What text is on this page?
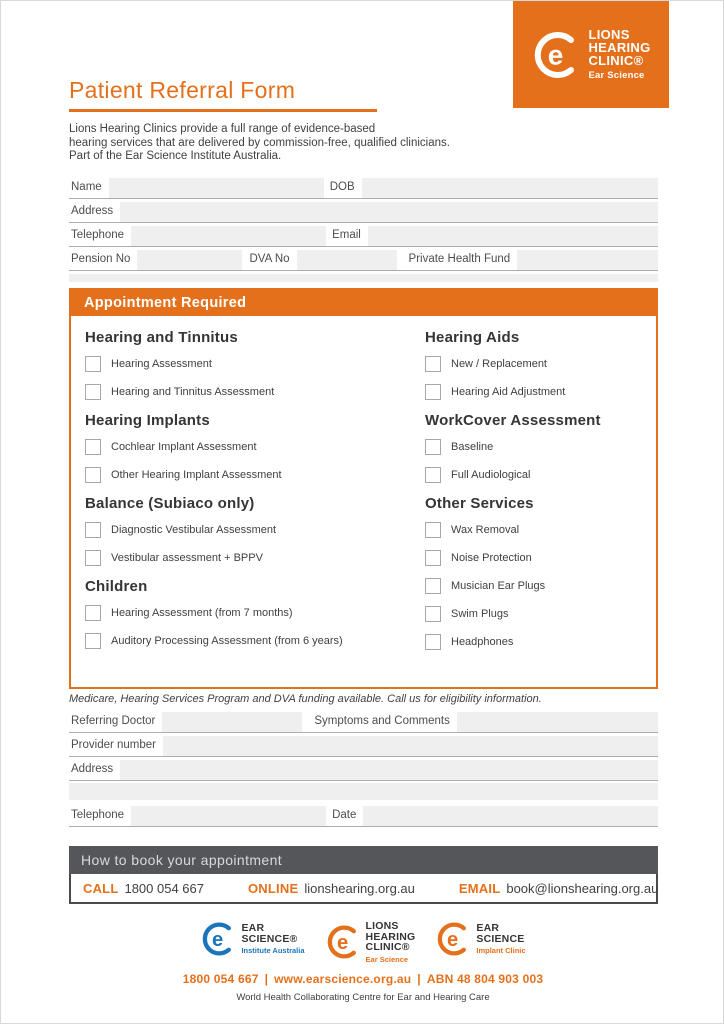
e
LIONS
HEARING
CLINIC®
Ear Science
Patient Referral Form
Lions Hearing Clinics provide a full range of evidence-based
hearing services that are delivered by commission-free, qualified clinicians.
Part of the Ear Science Institute Australia.
Name	DOB
Address
Telephone	Email
Pension No	DVA No	Private Health Fund
Appointment Required
Hearing and Tinnitus
Hearing Assessment
Hearing and Tinnitus Assessment
Hearing Implants
Cochlear Implant Assessment
Other Hearing Implant Assessment
Balance (Subiaco only)
Diagnostic Vestibular Assessment
Vestibular assessment + BPPV
Children
Hearing Assessment (from 7 months)
Auditory Processing Assessment (from 6 years)
Hearing Aids
New / Replacement
Hearing Aid Adjustment
WorkCover Assessment
Baseline
Full Audiological
Other Services
Wax Removal
Noise Protection
Musician Ear Plugs
Swim Plugs
Headphones
Medicare, Hearing Services Program and DVA funding available. Call us for eligibility information.
Referring Doctor	Symptoms and Comments
Provider number
Address
Telephone	Date
How to book your appointment
CALL 1800 054 667	ONLINE lionshearing.org.au	EMAIL book@lionshearing.org.au
e
EAR
SCIENCE®
Institute Australia e
LIONS
HEARING
CLINIC®
Ear Science
e
EAR
SCIENCE
Implant Clinic
1800 054 667 | www.earscience.org.au | ABN 48 804 903 003
World Health Collaborating Centre for Ear and Hearing Care
